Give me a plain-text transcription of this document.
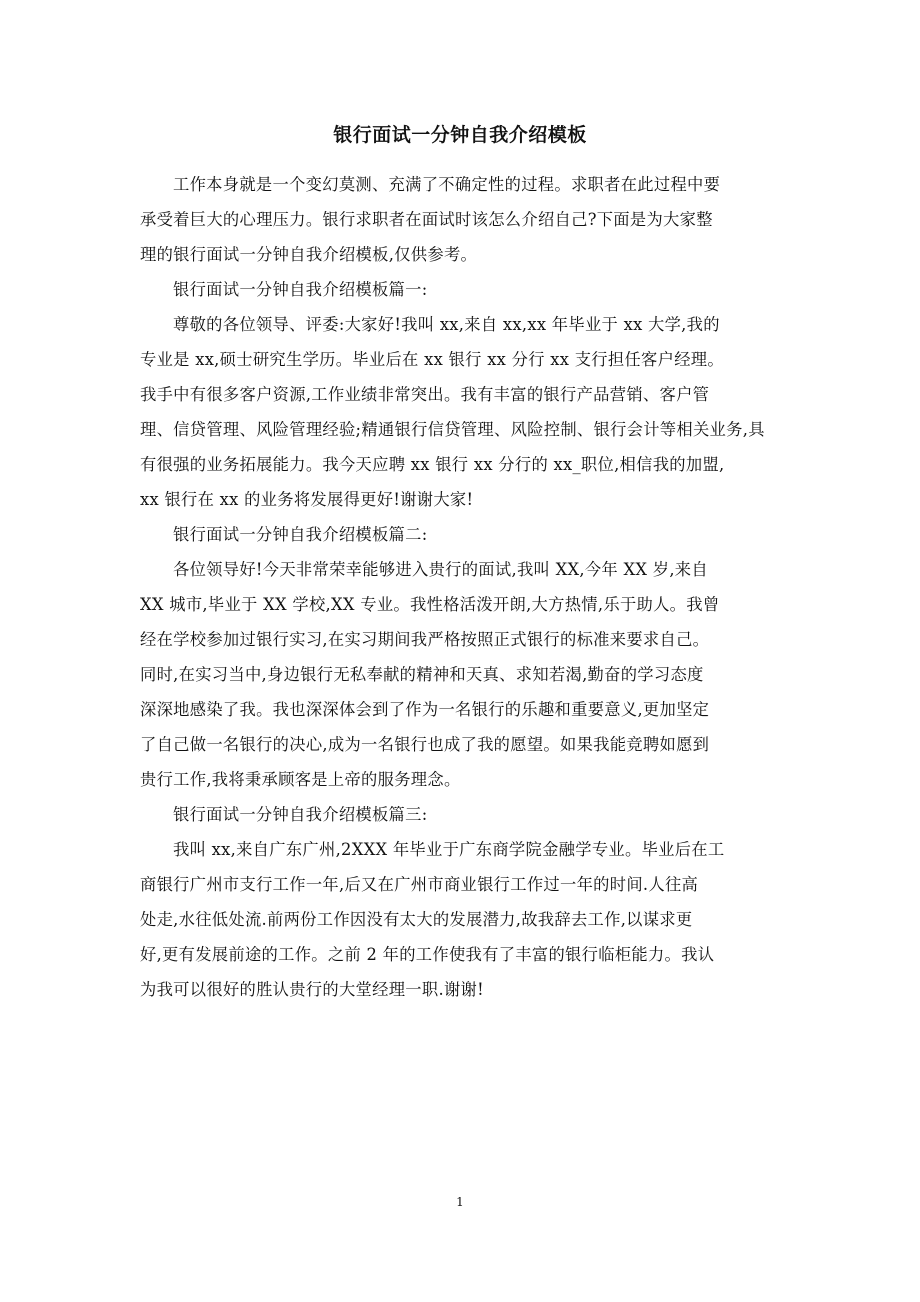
银行面试一分钟自我介绍模板
工作本身就是一个变幻莫测、充满了不确定性的过程。求职者在此过程中要
承受着巨大的心理压力。银行求职者在面试时该怎么介绍自己?下面是为大家整
理的银行面试一分钟自我介绍模板,仅供参考。
银行面试一分钟自我介绍模板篇一:
尊敬的各位领导、评委:大家好!我叫 xx,来自 xx,xx 年毕业于 xx 大学,我的
专业是 xx,硕士研究生学历。毕业后在 xx 银行 xx 分行 xx 支行担任客户经理。
我手中有很多客户资源,工作业绩非常突出。我有丰富的银行产品营销、客户管
理、信贷管理、风险管理经验;精通银行信贷管理、风险控制、银行会计等相关业务,具
有很强的业务拓展能力。我今天应聘 xx 银行 xx 分行的 xx_职位,相信我的加盟,
xx 银行在 xx 的业务将发展得更好!谢谢大家!
银行面试一分钟自我介绍模板篇二:
各位领导好!今天非常荣幸能够进入贵行的面试,我叫 XX,今年 XX 岁,来自
XX 城市,毕业于 XX 学校,XX 专业。我性格活泼开朗,大方热情,乐于助人。我曾
经在学校参加过银行实习,在实习期间我严格按照正式银行的标准来要求自己。
同时,在实习当中,身边银行无私奉献的精神和天真、求知若渴,勤奋的学习态度
深深地感染了我。我也深深体会到了作为一名银行的乐趣和重要意义,更加坚定
了自己做一名银行的决心,成为一名银行也成了我的愿望。如果我能竞聘如愿到
贵行工作,我将秉承顾客是上帝的服务理念。
银行面试一分钟自我介绍模板篇三:
我叫 xx,来自广东广州,2XXX 年毕业于广东商学院金融学专业。毕业后在工
商银行广州市支行工作一年,后又在广州市商业银行工作过一年的时间.人往高
处走,水往低处流.前两份工作因没有太大的发展潜力,故我辞去工作,以谋求更
好,更有发展前途的工作。之前 2 年的工作使我有了丰富的银行临柜能力。我认
为我可以很好的胜认贵行的大堂经理一职.谢谢!
1
